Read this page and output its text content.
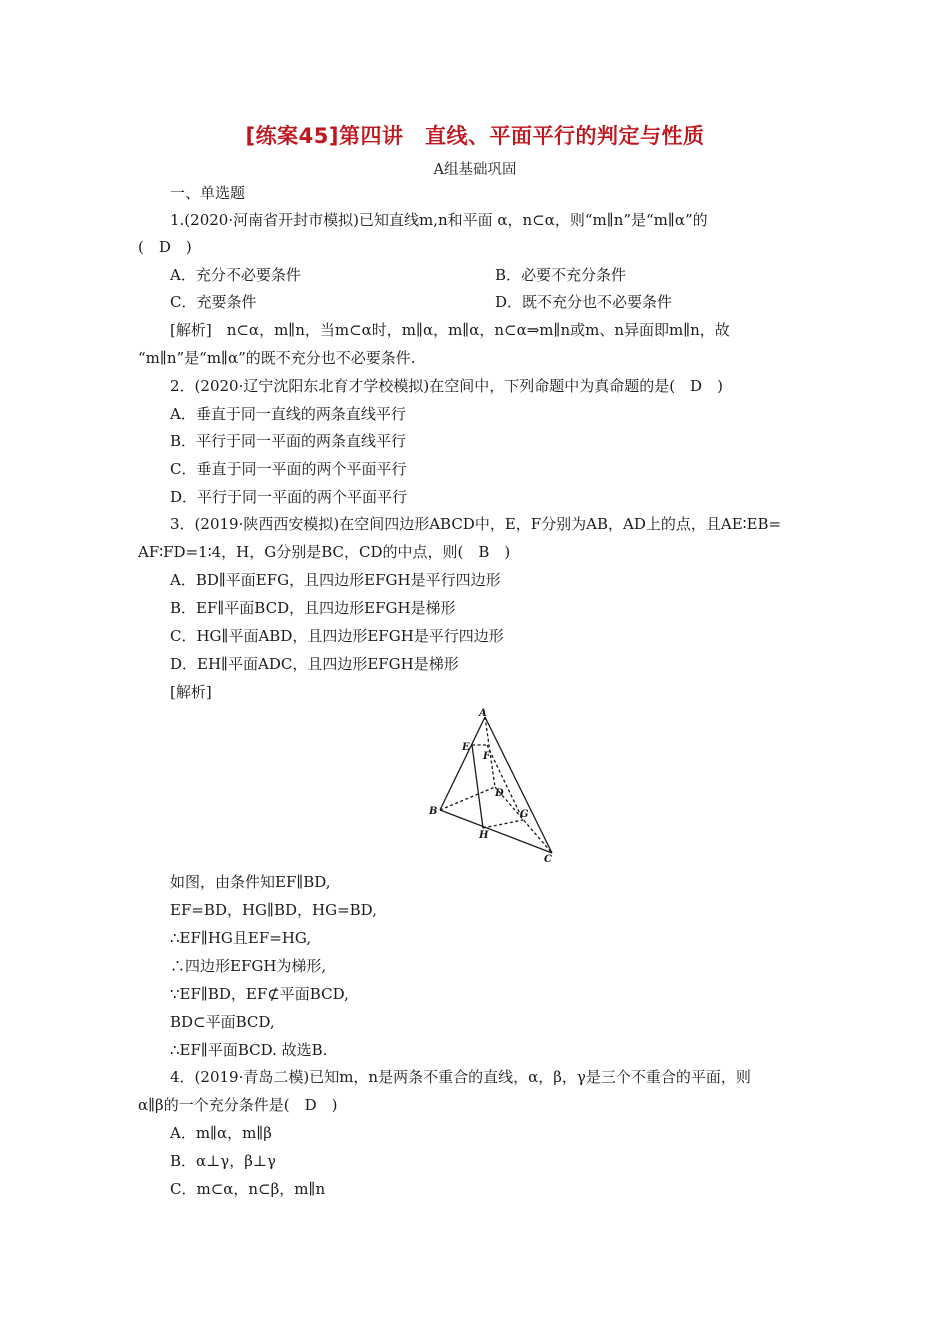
[练案45]第四讲　直线、平面平行的判定与性质
A组基础巩固
一、单选题
1.(2020·河南省开封市模拟)已知直线m,n和平面 α，n⊂α，则“m∥n”是“m∥α”的
(　D　)
A．充分不必要条件	B．必要不充分条件
C．充要条件	D．既不充分也不必要条件
[解析]　n⊂α，m∥n，当m⊂α时，m∥α，m∥α，n⊂α⇒m∥n或m、n异面即m∥n，故
“m∥n”是“m∥α”的既不充分也不必要条件.
2．(2020·辽宁沈阳东北育才学校模拟)在空间中，下列命题中为真命题的是(　D　)
A．垂直于同一直线的两条直线平行
B．平行于同一平面的两条直线平行
C．垂直于同一平面的两个平面平行
D．平行于同一平面的两个平面平行
3．(2019·陕西西安模拟)在空间四边形ABCD中，E，F分别为AB，AD上的点，且AE∶EB=
AF∶FD=1∶4，H，G分别是BC，CD的中点，则(　B　)
A．BD∥平面EFG，且四边形EFGH是平行四边形
B．EF∥平面BCD，且四边形EFGH是梯形
C．HG∥平面ABD，且四边形EFGH是平行四边形
D．EH∥平面ADC，且四边形EFGH是梯形
[解析]
A
B
C
D
E
F
G
H
如图，由条件知EF∥BD,
EF=BD，HG∥BD，HG=BD,
∴EF∥HG且EF=HG,
∴四边形EFGH为梯形,
∵EF∥BD，EF⊄平面BCD,
BD⊂平面BCD,
∴EF∥平面BCD. 故选B.
4．(2019·青岛二模)已知m，n是两条不重合的直线，α，β，γ是三个不重合的平面，则
α∥β的一个充分条件是(　D　)
A．m∥α，m∥β
B．α⊥γ，β⊥γ
C．m⊂α，n⊂β，m∥n
